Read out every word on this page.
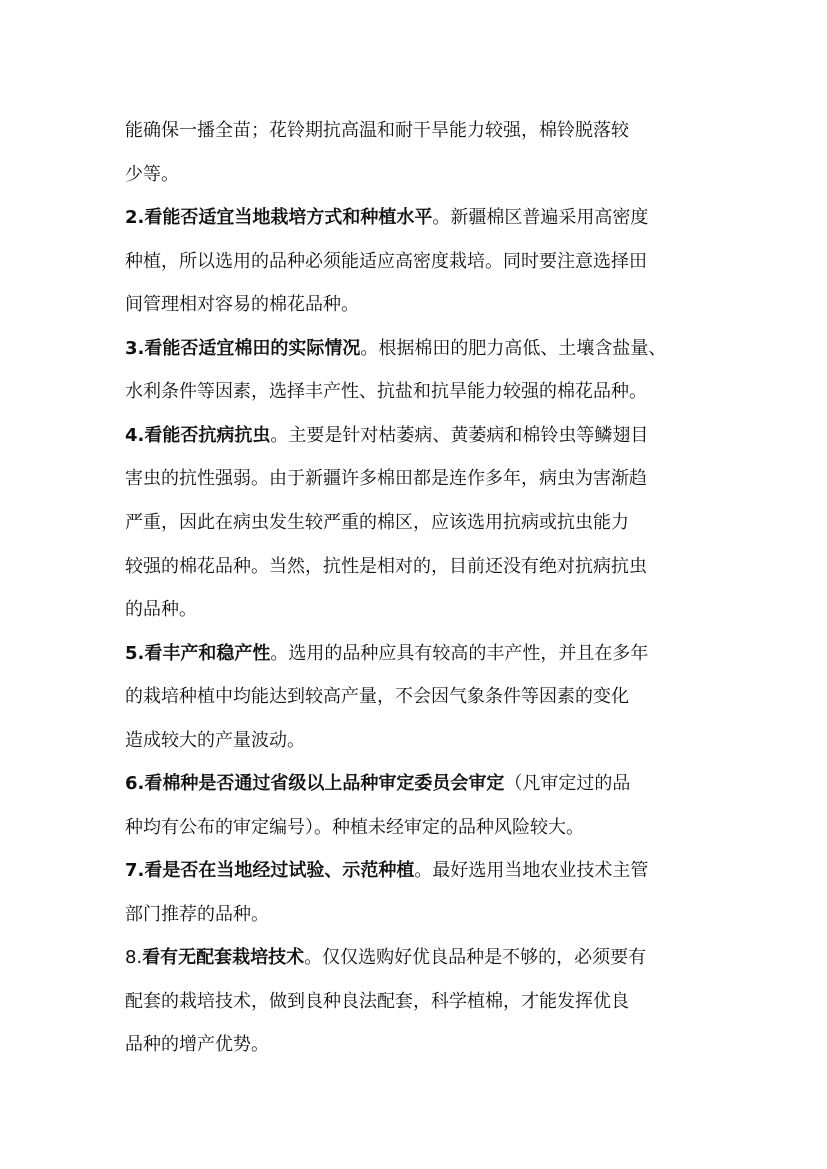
能确保一播全苗；花铃期抗高温和耐干旱能力较强，棉铃脱落较
少等。
2.看能否适宜当地栽培方式和种植水平。新疆棉区普遍采用高密度
种植，所以选用的品种必须能适应高密度栽培。同时要注意选择田
间管理相对容易的棉花品种。
3.看能否适宜棉田的实际情况。根据棉田的肥力高低、土壤含盐量、
水利条件等因素，选择丰产性、抗盐和抗旱能力较强的棉花品种。
4.看能否抗病抗虫。主要是针对枯萎病、黄萎病和棉铃虫等鳞翅目
害虫的抗性强弱。由于新疆许多棉田都是连作多年，病虫为害渐趋
严重，因此在病虫发生较严重的棉区，应该选用抗病或抗虫能力
较强的棉花品种。当然，抗性是相对的，目前还没有绝对抗病抗虫
的品种。
5.看丰产和稳产性。选用的品种应具有较高的丰产性，并且在多年
的栽培种植中均能达到较高产量，不会因气象条件等因素的变化
造成较大的产量波动。
6.看棉种是否通过省级以上品种审定委员会审定（凡审定过的品
种均有公布的审定编号）。种植未经审定的品种风险较大。
7.看是否在当地经过试验、示范种植。最好选用当地农业技术主管
部门推荐的品种。
8.看有无配套栽培技术。仅仅选购好优良品种是不够的，必须要有
配套的栽培技术，做到良种良法配套，科学植棉，才能发挥优良
品种的增产优势。
